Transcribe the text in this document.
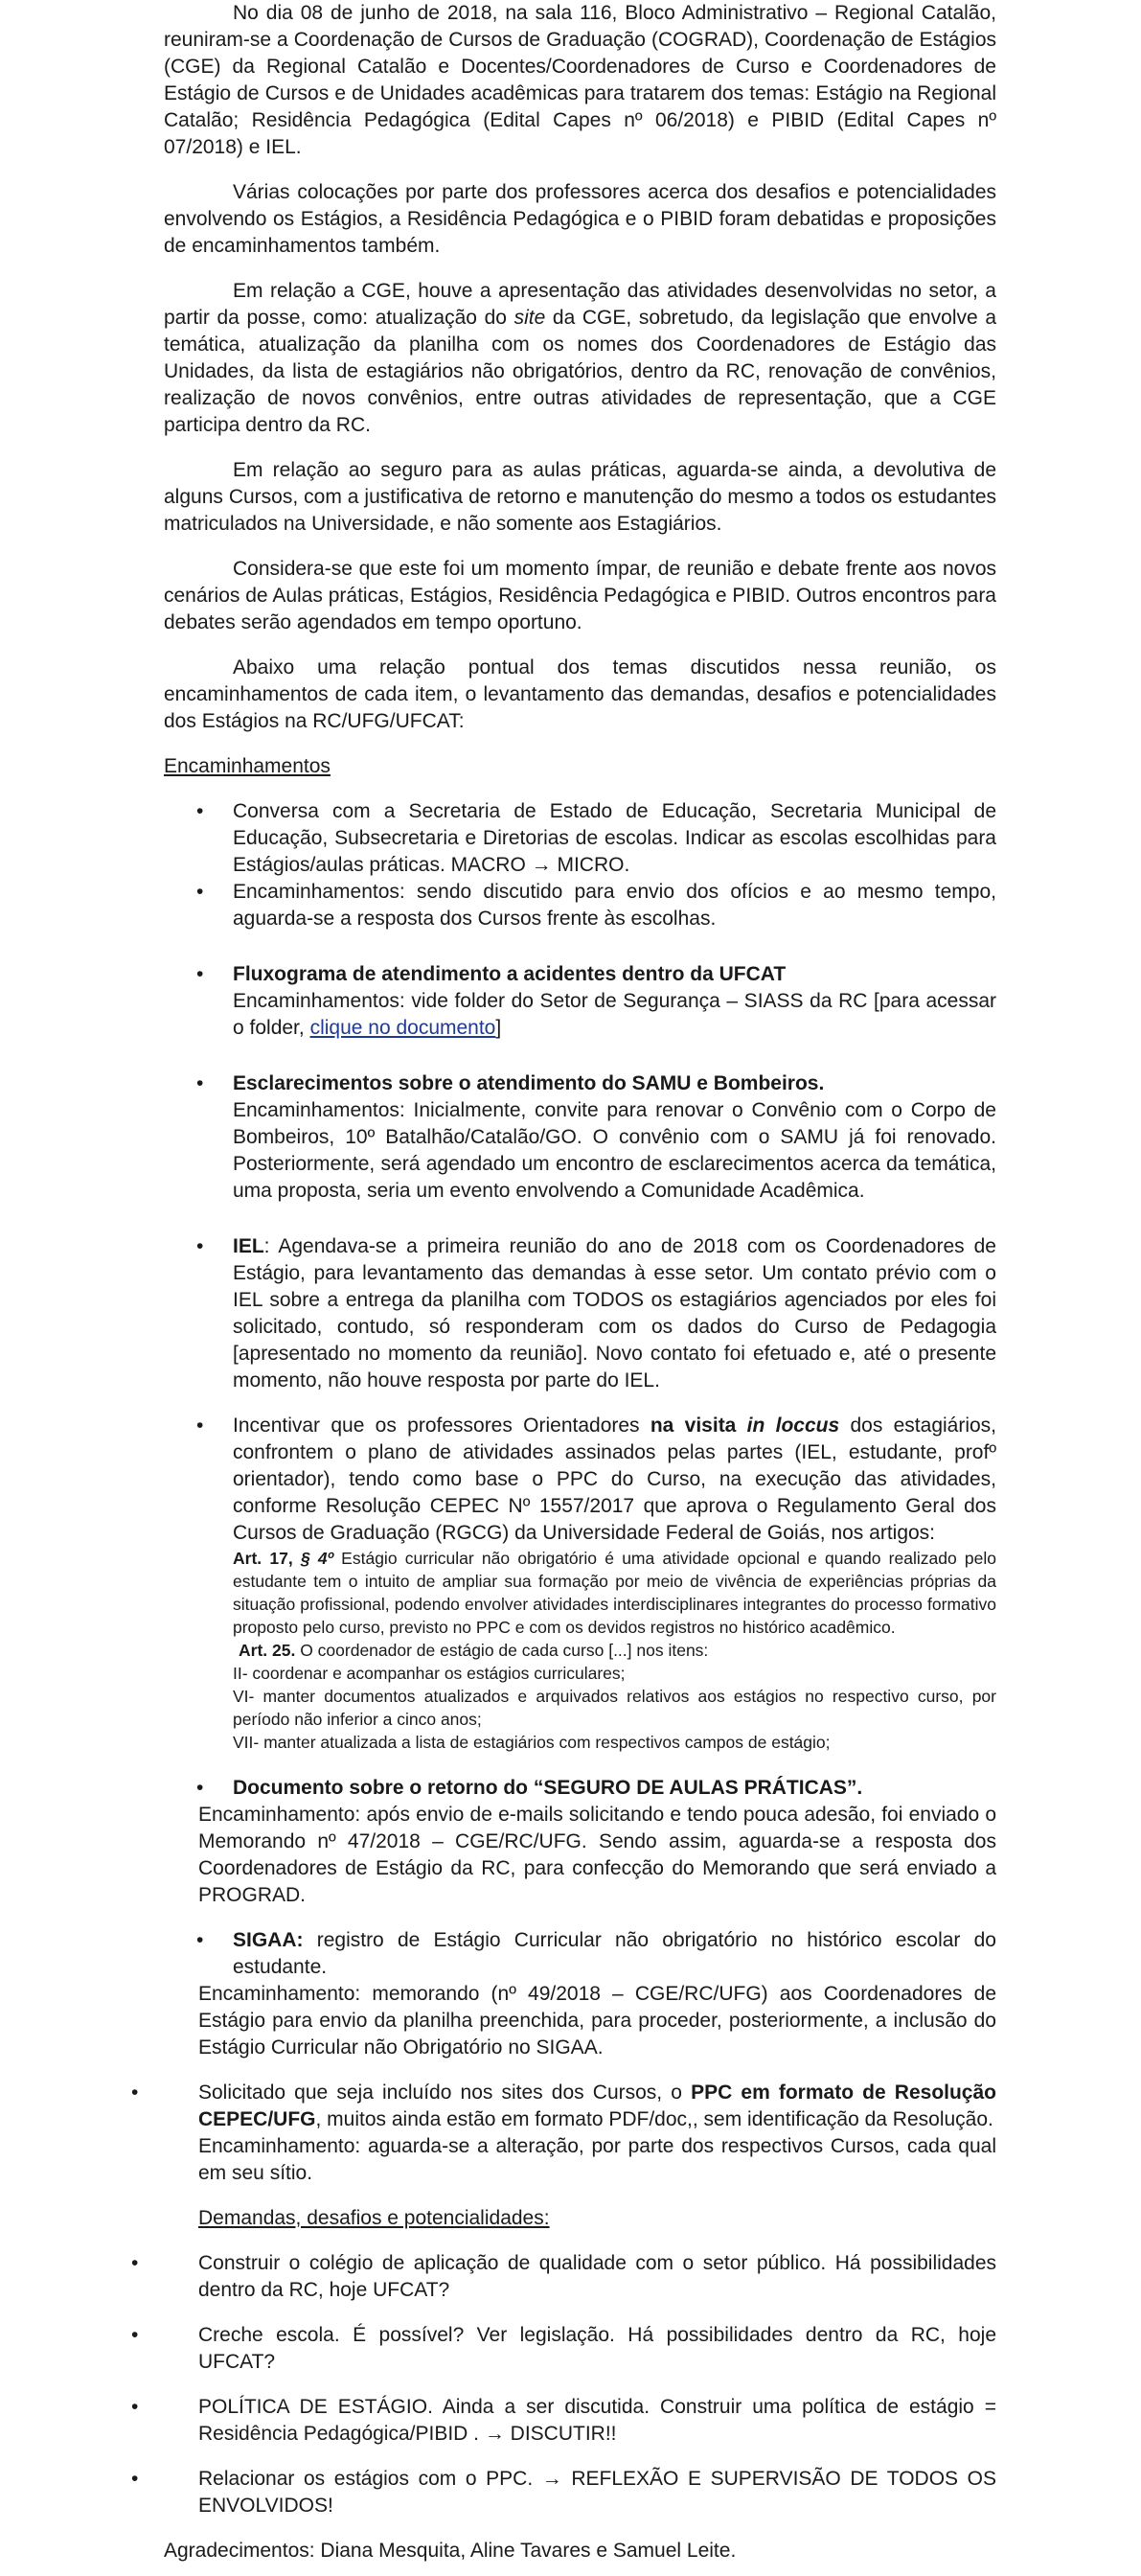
No dia 08 de junho de 2018, na sala 116, Bloco Administrativo – Regional Catalão, reuniram-se a Coordenação de Cursos de Graduação (COGRAD), Coordenação de Estágios (CGE) da Regional Catalão e Docentes/Coordenadores de Curso e Coordenadores de Estágio de Cursos e de Unidades acadêmicas para tratarem dos temas: Estágio na Regional Catalão; Residência Pedagógica (Edital Capes nº 06/2018) e PIBID (Edital Capes nº 07/2018) e IEL.

Várias colocações por parte dos professores acerca dos desafios e potencialidades envolvendo os Estágios, a Residência Pedagógica e o PIBID foram debatidas e proposições de encaminhamentos também.

Em relação a CGE, houve a apresentação das atividades desenvolvidas no setor, a partir da posse, como: atualização do site da CGE, sobretudo, da legislação que envolve a temática, atualização da planilha com os nomes dos Coordenadores de Estágio das Unidades, da lista de estagiários não obrigatórios, dentro da RC, renovação de convênios, realização de novos convênios, entre outras atividades de representação, que a CGE participa dentro da RC.

Em relação ao seguro para as aulas práticas, aguarda-se ainda, a devolutiva de alguns Cursos, com a justificativa de retorno e manutenção do mesmo a todos os estudantes matriculados na Universidade, e não somente aos Estagiários.

Considera-se que este foi um momento ímpar, de reunião e debate frente aos novos cenários de Aulas práticas, Estágios, Residência Pedagógica e PIBID. Outros encontros para debates serão agendados em tempo oportuno.

Abaixo uma relação pontual dos temas discutidos nessa reunião, os encaminhamentos de cada item, o levantamento das demandas, desafios e potencialidades dos Estágios na RC/UFG/UFCAT:

Encaminhamentos

• Conversa com a Secretaria de Estado de Educação, Secretaria Municipal de Educação, Subsecretaria e Diretorias de escolas. Indicar as escolas escolhidas para Estágios/aulas práticas. MACRO → MICRO.
• Encaminhamentos: sendo discutido para envio dos ofícios e ao mesmo tempo, aguarda-se a resposta dos Cursos frente às escolhas.
• Fluxograma de atendimento a acidentes dentro da UFCAT
Encaminhamentos: vide folder do Setor de Segurança – SIASS da RC [para acessar o folder, clique no documento]
• Esclarecimentos sobre o atendimento do SAMU e Bombeiros.
Encaminhamentos: Inicialmente, convite para renovar o Convênio com o Corpo de Bombeiros, 10º Batalhão/Catalão/GO. O convênio com o SAMU já foi renovado. Posteriormente, será agendado um encontro de esclarecimentos acerca da temática, uma proposta, seria um evento envolvendo a Comunidade Acadêmica.
• IEL: Agendava-se a primeira reunião do ano de 2018 com os Coordenadores de Estágio, para levantamento das demandas à esse setor. Um contato prévio com o IEL sobre a entrega da planilha com TODOS os estagiários agenciados por eles foi solicitado, contudo, só responderam com os dados do Curso de Pedagogia [apresentado no momento da reunião]. Novo contato foi efetuado e, até o presente momento, não houve resposta por parte do IEL.
• Incentivar que os professores Orientadores na visita in loccus dos estagiários, confrontem o plano de atividades assinados pelas partes (IEL, estudante, profº orientador), tendo como base o PPC do Curso, na execução das atividades, conforme Resolução CEPEC Nº 1557/2017 que aprova o Regulamento Geral dos Cursos de Graduação (RGCG) da Universidade Federal de Goiás, nos artigos:
Art. 17, § 4º Estágio curricular não obrigatório é uma atividade opcional e quando realizado pelo estudante tem o intuito de ampliar sua formação por meio de vivência de experiências próprias da situação profissional, podendo envolver atividades interdisciplinares integrantes do processo formativo proposto pelo curso, previsto no PPC e com os devidos registros no histórico acadêmico.
Art. 25. O coordenador de estágio de cada curso [...] nos itens:
II- coordenar e acompanhar os estágios curriculares;
VI- manter documentos atualizados e arquivados relativos aos estágios no respectivo curso, por período não inferior a cinco anos;
VII- manter atualizada a lista de estagiários com respectivos campos de estágio;
• Documento sobre o retorno do “SEGURO DE AULAS PRÁTICAS”.
Encaminhamento: após envio de e-mails solicitando e tendo pouca adesão, foi enviado o Memorando nº 47/2018 – CGE/RC/UFG. Sendo assim, aguarda-se a resposta dos Coordenadores de Estágio da RC, para confecção do Memorando que será enviado a PROGRAD.
• SIGAA: registro de Estágio Curricular não obrigatório no histórico escolar do estudante.
Encaminhamento: memorando (nº 49/2018 – CGE/RC/UFG) aos Coordenadores de Estágio para envio da planilha preenchida, para proceder, posteriormente, a inclusão do Estágio Curricular não Obrigatório no SIGAA.
•	Solicitado que seja incluído nos sites dos Cursos, o PPC em formato de Resolução CEPEC/UFG, muitos ainda estão em formato PDF/doc,, sem identificação da Resolução.
Encaminhamento: aguarda-se a alteração, por parte dos respectivos Cursos, cada qual em seu sítio.

Demandas, desafios e potencialidades:

•	Construir o colégio de aplicação de qualidade com o setor público. Há possibilidades dentro da RC, hoje UFCAT?
•	Creche escola. É possível? Ver legislação. Há possibilidades dentro da RC, hoje UFCAT?
•	POLÍTICA DE ESTÁGIO. Ainda a ser discutida. Construir uma política de estágio = Residência Pedagógica/PIBID . → DISCUTIR!!
•	Relacionar os estágios com o PPC. → REFLEXÃO E SUPERVISÃO DE TODOS OS ENVOLVIDOS!

Agradecimentos: Diana Mesquita, Aline Tavares e Samuel Leite.
